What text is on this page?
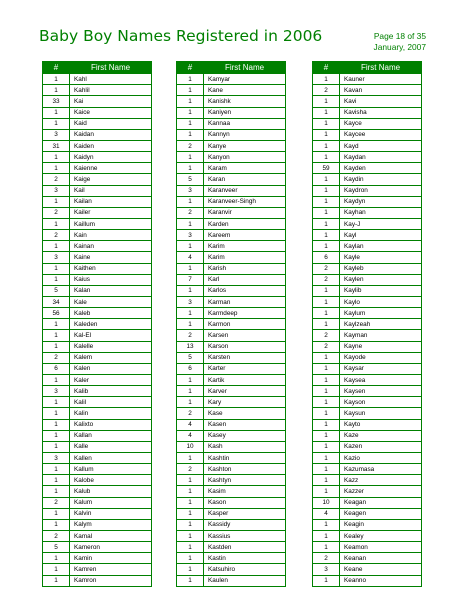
Baby Boy Names Registered in 2006	Page 18 of 35
January, 2007
#	First Name
1	Kahl
1	Kahlil
33	Kai
1	Kaice
1	Kaid
3	Kaidan
31	Kaiden
1	Kaidyn
1	Kaienne
2	Kaige
3	Kail
1	Kailan
2	Kailer
1	Kaillum
2	Kain
1	Kainan
3	Kaine
1	Kaithen
1	Kaius
5	Kalan
34	Kale
56	Kaleb
1	Kaleden
1	Kal-El
1	Kalelle
2	Kalem
6	Kalen
1	Kaler
3	Kalib
1	Kalil
1	Kalin
1	Kalixto
1	Kallan
1	Kalle
3	Kallen
1	Kallum
1	Kalobe
1	Kalub
2	Kalum
1	Kalvin
1	Kalym
2	Kamal
5	Kameron
1	Kamin
1	Kamren
1	Kamron
#	First Name
1	Kamyar
1	Kane
1	Kanishk
1	Kaniyen
1	Kannaa
1	Kannyn
2	Kanye
1	Kanyon
1	Karam
5	Karan
3	Karanveer
1	Karanveer-Singh
2	Karanvir
1	Karden
3	Kareem
1	Karim
4	Karim
1	Karish
7	Karl
1	Karlos
3	Karman
1	Karmdeep
1	Karmon
2	Karsen
13	Karson
5	Karsten
6	Karter
1	Kartik
1	Karver
1	Kary
2	Kase
4	Kasen
4	Kasey
10	Kash
1	Kashtin
2	Kashton
1	Kashtyn
1	Kasim
1	Kason
1	Kasper
1	Kassidy
1	Kassius
1	Kastden
1	Kastin
1	Katsuhiro
1	Kaulen
#	First Name
1	Kauner
2	Kavan
1	Kavi
1	Kavisha
1	Kayce
1	Kaycee
1	Kayd
1	Kaydan
59	Kayden
1	Kaydin
1	Kaydron
1	Kaydyn
1	Kayhan
1	Kay-J
1	Kayl
1	Kaylan
6	Kayle
2	Kayleb
2	Kaylen
1	Kaylib
1	Kaylo
1	Kaylum
1	Kaylzeah
2	Kayman
2	Kayne
1	Kayode
1	Kaysar
1	Kaysea
1	Kaysen
1	Kayson
1	Kaysun
1	Kayto
1	Kaze
1	Kazen
1	Kazio
1	Kazumasa
1	Kazz
1	Kazzer
10	Keagan
4	Keagen
1	Keagin
1	Kealey
1	Keamon
2	Keanan
3	Keane
1	Keanno
